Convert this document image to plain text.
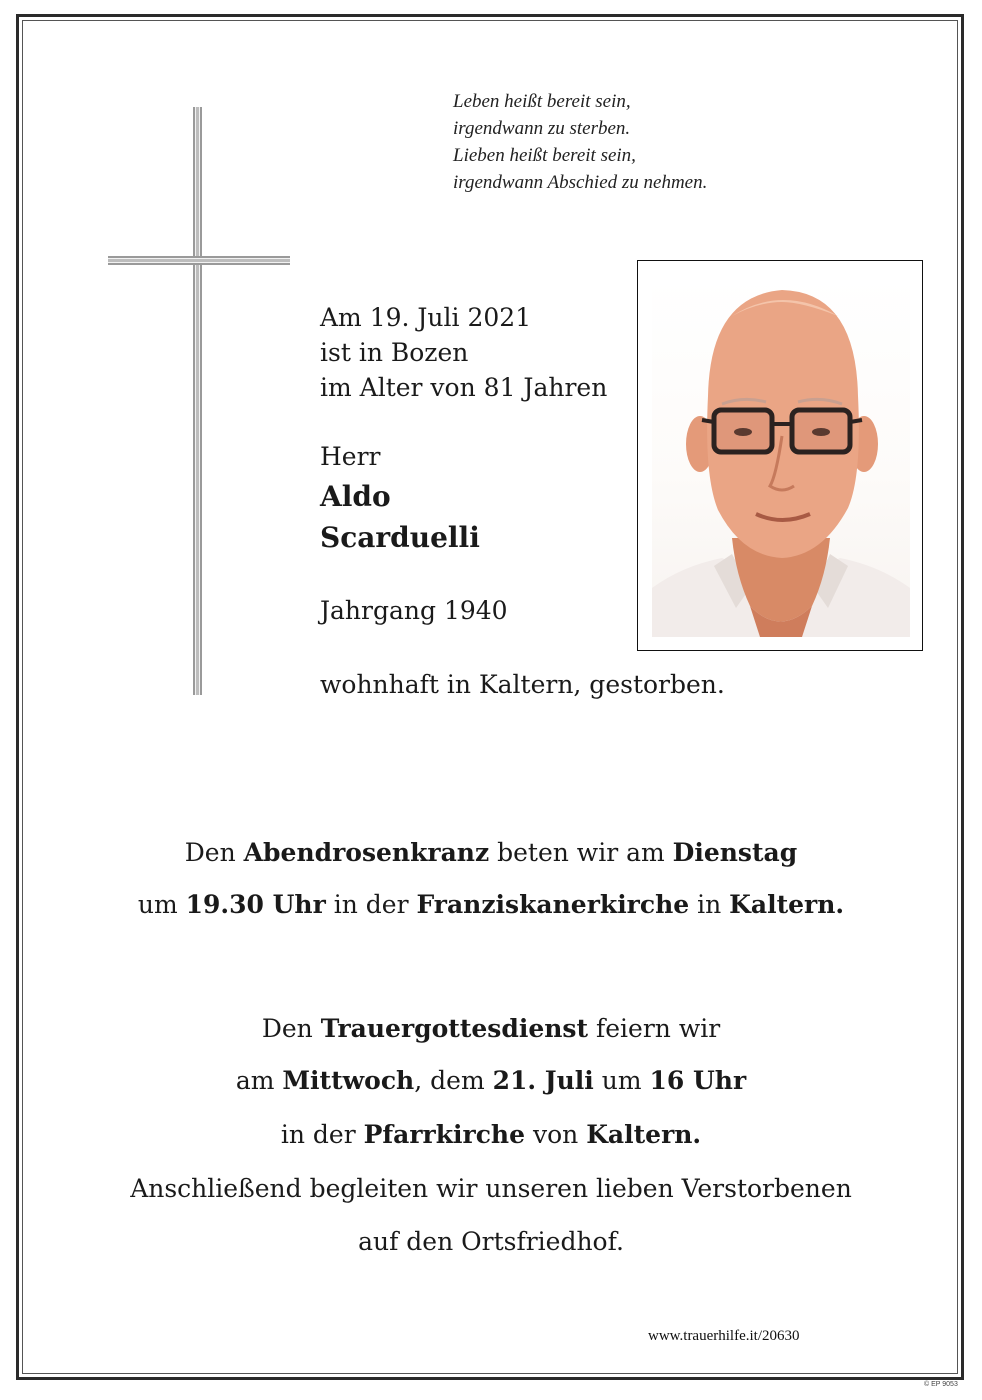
Leben heißt bereit sein,
irgendwann zu sterben.
Lieben heißt bereit sein,
irgendwann Abschied zu nehmen.
Am 19. Juli 2021
ist in Bozen
im Alter von 81 Jahren
Herr
Aldo
Scarduelli
Jahrgang 1940
wohnhaft in Kaltern, gestorben.
Den Abendrosenkranz beten wir am Dienstag
um 19.30 Uhr in der Franziskanerkirche in Kaltern.
Den Trauergottesdienst feiern wir
am Mittwoch, dem 21. Juli um 16 Uhr
in der Pfarrkirche von Kaltern.
Anschließend begleiten wir unseren lieben Verstorbenen
auf den Ortsfriedhof.
www.trauerhilfe.it/20630
© EP 9053
